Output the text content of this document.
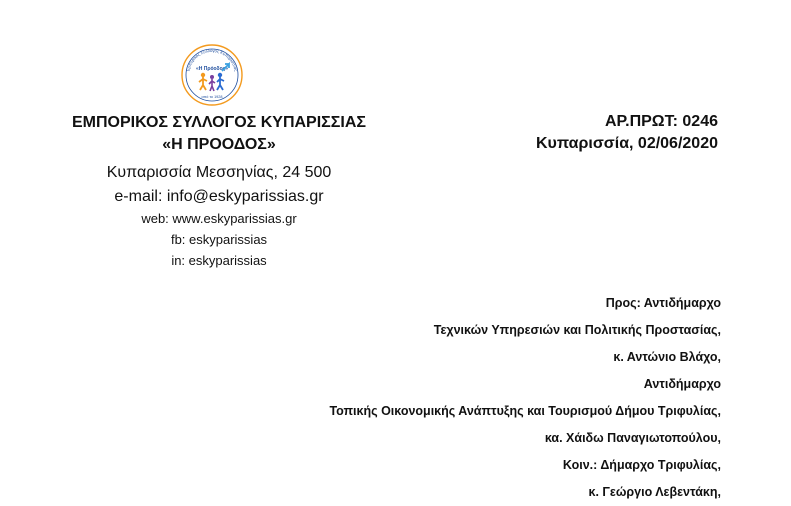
Εμπορικός Σύλλογος Κυπαρισσίας
«Η Πρόοδος»
από το 1928
ΕΜΠΟΡΙΚΟΣ ΣΥΛΛΟΓΟΣ ΚΥΠΑΡΙΣΣΙΑΣ
«Η ΠΡΟΟΔΟΣ»
Κυπαρισσία Μεσσηνίας, 24 500
e-mail: info@eskyparissias.gr
web: www.eskyparissias.gr
fb: eskyparissias
in: eskyparissias
ΑΡ.ΠΡΩΤ: 0246
Κυπαρισσία, 02/06/2020
Προς: Αντιδήμαρχο
Τεχνικών Υπηρεσιών και Πολιτικής Προστασίας,
κ. Αντώνιο Βλάχο,
Αντιδήμαρχο
Τοπικής Οικονομικής Ανάπτυξης και Τουρισμού Δήμου Τριφυλίας,
κα. Χάιδω Παναγιωτοπούλου,
Κοιν.: Δήμαρχο Τριφυλίας,
κ. Γεώργιο Λεβεντάκη,
